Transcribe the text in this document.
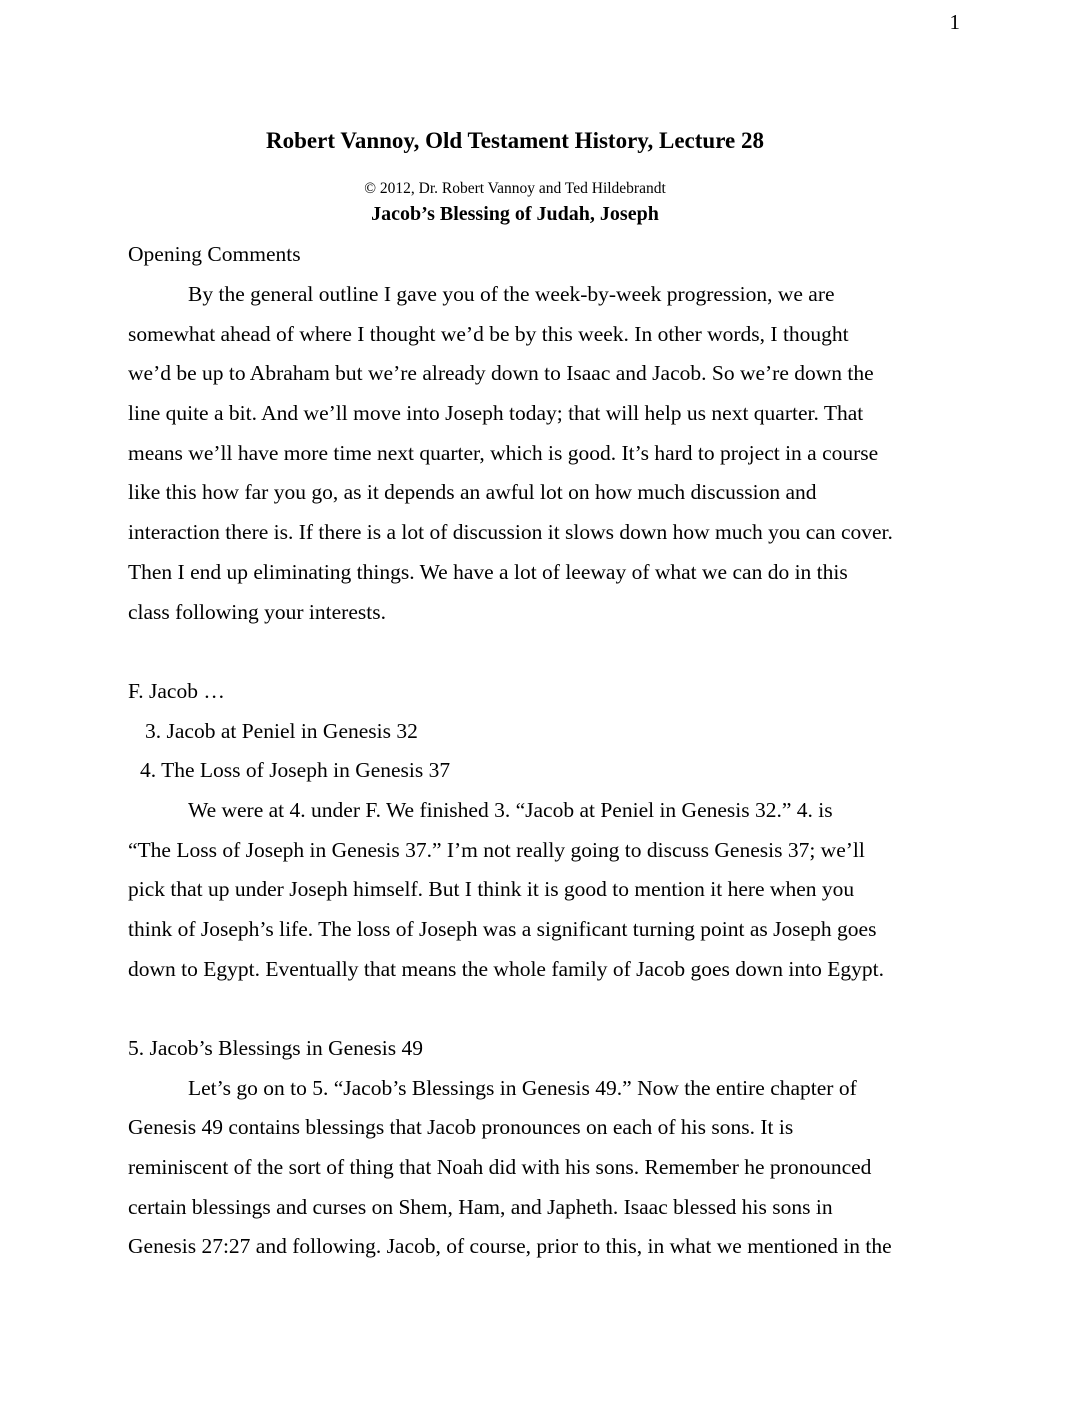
1
Robert Vannoy, Old Testament History, Lecture 28
© 2012, Dr. Robert Vannoy and Ted Hildebrandt
Jacob’s Blessing of Judah, Joseph
Opening Comments
By the general outline I gave you of the week-by-week progression, we are
somewhat ahead of where I thought we’d be by this week. In other words, I thought
we’d be up to Abraham but we’re already down to Isaac and Jacob. So we’re down the
line quite a bit. And we’ll move into Joseph today; that will help us next quarter. That
means we’ll have more time next quarter, which is good. It’s hard to project in a course
like this how far you go, as it depends an awful lot on how much discussion and
interaction there is. If there is a lot of discussion it slows down how much you can cover.
Then I end up eliminating things. We have a lot of leeway of what we can do in this
class following your interests.
F. Jacob …
3. Jacob at Peniel in Genesis 32
4. The Loss of Joseph in Genesis 37
We were at 4. under F. We finished 3. “Jacob at Peniel in Genesis 32.” 4. is
“The Loss of Joseph in Genesis 37.” I’m not really going to discuss Genesis 37; we’ll
pick that up under Joseph himself. But I think it is good to mention it here when you
think of Joseph’s life. The loss of Joseph was a significant turning point as Joseph goes
down to Egypt. Eventually that means the whole family of Jacob goes down into Egypt.
5. Jacob’s Blessings in Genesis 49
Let’s go on to 5. “Jacob’s Blessings in Genesis 49.” Now the entire chapter of
Genesis 49 contains blessings that Jacob pronounces on each of his sons. It is
reminiscent of the sort of thing that Noah did with his sons. Remember he pronounced
certain blessings and curses on Shem, Ham, and Japheth. Isaac blessed his sons in
Genesis 27:27 and following. Jacob, of course, prior to this, in what we mentioned in the
